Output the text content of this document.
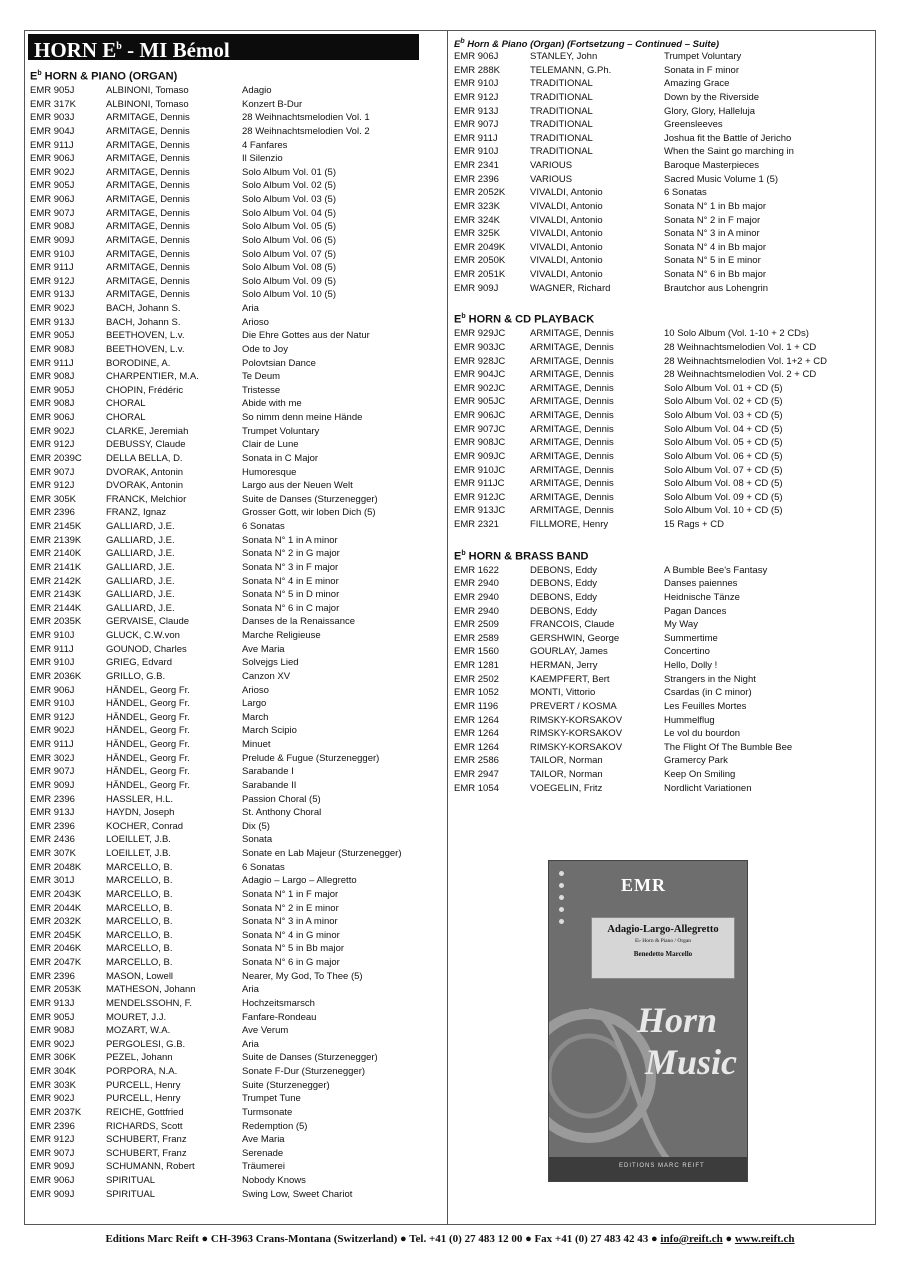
HORN $E^b$ - MI Bémol
$E^b$ HORN & PIANO (ORGAN)
EMR 905J	ALBINONI, Tomaso	Adagio
EMR 317K	ALBINONI, Tomaso	Konzert B-Dur
EMR 903J	ARMITAGE, Dennis	28 Weihnachtsmelodien Vol. 1
EMR 904J	ARMITAGE, Dennis	28 Weihnachtsmelodien Vol. 2
EMR 911J	ARMITAGE, Dennis	4 Fanfares
EMR 906J	ARMITAGE, Dennis	Il Silenzio
EMR 902J	ARMITAGE, Dennis	Solo Album Vol. 01 (5)
EMR 905J	ARMITAGE, Dennis	Solo Album Vol. 02 (5)
EMR 906J	ARMITAGE, Dennis	Solo Album Vol. 03 (5)
EMR 907J	ARMITAGE, Dennis	Solo Album Vol. 04 (5)
EMR 908J	ARMITAGE, Dennis	Solo Album Vol. 05 (5)
EMR 909J	ARMITAGE, Dennis	Solo Album Vol. 06 (5)
EMR 910J	ARMITAGE, Dennis	Solo Album Vol. 07 (5)
EMR 911J	ARMITAGE, Dennis	Solo Album Vol. 08 (5)
EMR 912J	ARMITAGE, Dennis	Solo Album Vol. 09 (5)
EMR 913J	ARMITAGE, Dennis	Solo Album Vol. 10 (5)
EMR 902J	BACH, Johann S.	Aria
EMR 913J	BACH, Johann S.	Arioso
EMR 905J	BEETHOVEN, L.v.	Die Ehre Gottes aus der Natur
EMR 908J	BEETHOVEN, L.v.	Ode to Joy
EMR 911J	BORODINE, A.	Polovtsian Dance
EMR 908J	CHARPENTIER, M.A.	Te Deum
EMR 905J	CHOPIN, Frédéric	Tristesse
EMR 908J	CHORAL	Abide with me
EMR 906J	CHORAL	So nimm denn meine Hände
EMR 902J	CLARKE, Jeremiah	Trumpet Voluntary
EMR 912J	DEBUSSY, Claude	Clair de Lune
EMR 2039C	DELLA BELLA, D.	Sonata in C Major
EMR 907J	DVORAK, Antonin	Humoresque
EMR 912J	DVORAK, Antonin	Largo aus der Neuen Welt
EMR 305K	FRANCK, Melchior	Suite de Danses (Sturzenegger)
EMR 2396	FRANZ, Ignaz	Grosser Gott, wir loben Dich (5)
EMR 2145K	GALLIARD, J.E.	6 Sonatas
EMR 2139K	GALLIARD, J.E.	Sonata N° 1 in A minor
EMR 2140K	GALLIARD, J.E.	Sonata N° 2 in G major
EMR 2141K	GALLIARD, J.E.	Sonata N° 3 in F major
EMR 2142K	GALLIARD, J.E.	Sonata N° 4 in E minor
EMR 2143K	GALLIARD, J.E.	Sonata N° 5 in D minor
EMR 2144K	GALLIARD, J.E.	Sonata N° 6 in C major
EMR 2035K	GERVAISE, Claude	Danses de la Renaissance
EMR 910J	GLUCK, C.W.von	Marche Religieuse
EMR 911J	GOUNOD, Charles	Ave Maria
EMR 910J	GRIEG, Edvard	Solvejgs Lied
EMR 2036K	GRILLO, G.B.	Canzon XV
EMR 906J	HÄNDEL, Georg Fr.	Arioso
EMR 910J	HÄNDEL, Georg Fr.	Largo
EMR 912J	HÄNDEL, Georg Fr.	March
EMR 902J	HÄNDEL, Georg Fr.	March Scipio
EMR 911J	HÄNDEL, Georg Fr.	Minuet
EMR 302J	HÄNDEL, Georg Fr.	Prelude & Fugue (Sturzenegger)
EMR 907J	HÄNDEL, Georg Fr.	Sarabande I
EMR 909J	HÄNDEL, Georg Fr.	Sarabande II
EMR 2396	HASSLER, H.L.	Passion Choral (5)
EMR 913J	HAYDN, Joseph	St. Anthony Choral
EMR 2396	KOCHER, Conrad	Dix (5)
EMR 2436	LOEILLET, J.B.	Sonata
EMR 307K	LOEILLET, J.B.	Sonate en Lab Majeur (Sturzenegger)
EMR 2048K	MARCELLO, B.	6 Sonatas
EMR 301J	MARCELLO, B.	Adagio – Largo – Allegretto
EMR 2043K	MARCELLO, B.	Sonata N° 1 in F major
EMR 2044K	MARCELLO, B.	Sonata N° 2 in E minor
EMR 2032K	MARCELLO, B.	Sonata N° 3 in A minor
EMR 2045K	MARCELLO, B.	Sonata N° 4 in G minor
EMR 2046K	MARCELLO, B.	Sonata N° 5 in Bb major
EMR 2047K	MARCELLO, B.	Sonata N° 6 in G major
EMR 2396	MASON, Lowell	Nearer, My God, To Thee (5)
EMR 2053K	MATHESON, Johann	Aria
EMR 913J	MENDELSSOHN, F.	Hochzeitsmarsch
EMR 905J	MOURET, J.J.	Fanfare-Rondeau
EMR 908J	MOZART, W.A.	Ave Verum
EMR 902J	PERGOLESI, G.B.	Aria
EMR 306K	PEZEL, Johann	Suite de Danses (Sturzenegger)
EMR 304K	PORPORA, N.A.	Sonate F-Dur (Sturzenegger)
EMR 303K	PURCELL, Henry	Suite (Sturzenegger)
EMR 902J	PURCELL, Henry	Trumpet Tune
EMR 2037K	REICHE, Gottfried	Turmsonate
EMR 2396	RICHARDS, Scott	Redemption (5)
EMR 912J	SCHUBERT, Franz	Ave Maria
EMR 907J	SCHUBERT, Franz	Serenade
EMR 909J	SCHUMANN, Robert	Träumerei
EMR 906J	SPIRITUAL	Nobody Knows
EMR 909J	SPIRITUAL	Swing Low, Sweet Chariot
$E^b$ Horn & Piano (Organ) (Fortsetzung – Continued – Suite)
EMR 906J	STANLEY, John	Trumpet Voluntary
EMR 288K	TELEMANN, G.Ph.	Sonata in F minor
EMR 910J	TRADITIONAL	Amazing Grace
EMR 912J	TRADITIONAL	Down by the Riverside
EMR 913J	TRADITIONAL	Glory, Glory, Halleluja
EMR 907J	TRADITIONAL	Greensleeves
EMR 911J	TRADITIONAL	Joshua fit the Battle of Jericho
EMR 910J	TRADITIONAL	When the Saint go marching in
EMR 2341	VARIOUS	Baroque Masterpieces
EMR 2396	VARIOUS	Sacred Music Volume 1 (5)
EMR 2052K	VIVALDI, Antonio	6 Sonatas
EMR 323K	VIVALDI, Antonio	Sonata N° 1 in Bb major
EMR 324K	VIVALDI, Antonio	Sonata N° 2 in F major
EMR 325K	VIVALDI, Antonio	Sonata N° 3 in A minor
EMR 2049K	VIVALDI, Antonio	Sonata N° 4 in Bb major
EMR 2050K	VIVALDI, Antonio	Sonata N° 5 in E minor
EMR 2051K	VIVALDI, Antonio	Sonata N° 6 in Bb major
EMR 909J	WAGNER, Richard	Brautchor aus Lohengrin
$E^b$ HORN & CD PLAYBACK
EMR 929JC	ARMITAGE, Dennis	10 Solo Album (Vol. 1-10 + 2 CDs)
EMR 903JC	ARMITAGE, Dennis	28 Weihnachtsmelodien Vol. 1 + CD
EMR 928JC	ARMITAGE, Dennis	28 Weihnachtsmelodien Vol. 1+2 + CD
EMR 904JC	ARMITAGE, Dennis	28 Weihnachtsmelodien Vol. 2 + CD
EMR 902JC	ARMITAGE, Dennis	Solo Album Vol. 01 + CD (5)
EMR 905JC	ARMITAGE, Dennis	Solo Album Vol. 02 + CD (5)
EMR 906JC	ARMITAGE, Dennis	Solo Album Vol. 03 + CD (5)
EMR 907JC	ARMITAGE, Dennis	Solo Album Vol. 04 + CD (5)
EMR 908JC	ARMITAGE, Dennis	Solo Album Vol. 05 + CD (5)
EMR 909JC	ARMITAGE, Dennis	Solo Album Vol. 06 + CD (5)
EMR 910JC	ARMITAGE, Dennis	Solo Album Vol. 07 + CD (5)
EMR 911JC	ARMITAGE, Dennis	Solo Album Vol. 08 + CD (5)
EMR 912JC	ARMITAGE, Dennis	Solo Album Vol. 09 + CD (5)
EMR 913JC	ARMITAGE, Dennis	Solo Album Vol. 10 + CD (5)
EMR 2321	FILLMORE, Henry	15 Rags + CD
$E^b$ HORN & BRASS BAND
EMR 1622	DEBONS, Eddy	A Bumble Bee's Fantasy
EMR 2940	DEBONS, Eddy	Danses paiennes
EMR 2940	DEBONS, Eddy	Heidnische Tänze
EMR 2940	DEBONS, Eddy	Pagan Dances
EMR 2509	FRANCOIS, Claude	My Way
EMR 2589	GERSHWIN, George	Summertime
EMR 1560	GOURLAY, James	Concertino
EMR 1281	HERMAN, Jerry	Hello, Dolly !
EMR 2502	KAEMPFERT, Bert	Strangers in the Night
EMR 1052	MONTI, Vittorio	Csardas (in C minor)
EMR 1196	PREVERT / KOSMA	Les Feuilles Mortes
EMR 1264	RIMSKY-KORSAKOV	Hummelflug
EMR 1264	RIMSKY-KORSAKOV	Le vol du bourdon
EMR 1264	RIMSKY-KORSAKOV	The Flight Of The Bumble Bee
EMR 2586	TAILOR, Norman	Gramercy Park
EMR 2947	TAILOR, Norman	Keep On Smiling
EMR 1054	VOEGELIN, Fritz	Nordlicht Variationen
EMR
Adagio-Largo-Allegretto
E♭ Horn & Piano / Organ
Benedetto Marcello
Horn
Music
EDITIONS MARC REIFT
Editions Marc Reift ● CH-3963 Crans-Montana (Switzerland) ● Tel. +41 (0) 27 483 12 00 ● Fax +41 (0) 27 483 42 43 ● info@reift.ch ● www.reift.ch
